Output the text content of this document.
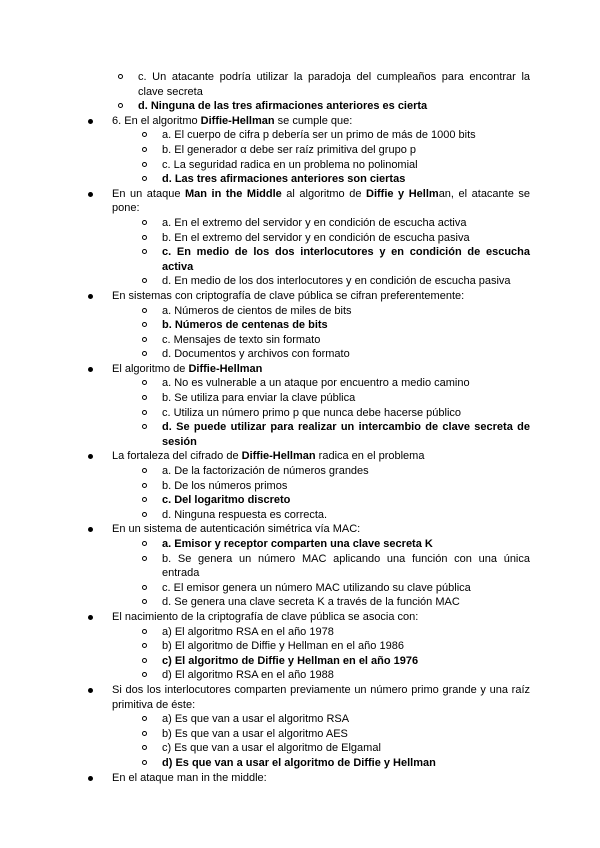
c. Un atacante podría utilizar la paradoja del cumpleaños para encontrar la clave secreta
d. Ninguna de las tres afirmaciones anteriores es cierta
6. En el algoritmo Diffie-Hellman se cumple que:
a. El cuerpo de cifra p debería ser un primo de más de 1000 bits
b. El generador α debe ser raíz primitiva del grupo p
c. La seguridad radica en un problema no polinomial
d. Las tres afirmaciones anteriores son ciertas
En un ataque Man in the Middle al algoritmo de Diffie y Hellman, el atacante se pone:
a. En el extremo del servidor y en condición de escucha activa
b. En el extremo del servidor y en condición de escucha pasiva
c. En medio de los dos interlocutores y en condición de escucha activa
d. En medio de los dos interlocutores y en condición de escucha pasiva
En sistemas con criptografía de clave pública se cifran preferentemente:
a. Números de cientos de miles de bits
b. Números de centenas de bits
c. Mensajes de texto sin formato
d. Documentos y archivos con formato
El algoritmo de Diffie-Hellman
a. No es vulnerable a un ataque por encuentro a medio camino
b. Se utiliza para enviar la clave pública
c. Utiliza un número primo p que nunca debe hacerse público
d. Se puede utilizar para realizar un intercambio de clave secreta de sesión
La fortaleza del cifrado de Diffie-Hellman radica en el problema
a. De la factorización de números grandes
b. De los números primos
c. Del logaritmo discreto
d. Ninguna respuesta es correcta.
En un sistema de autenticación simétrica vía MAC:
a. Emisor y receptor comparten una clave secreta K
b. Se genera un número MAC aplicando una función con una única entrada
c. El emisor genera un número MAC utilizando su clave pública
d. Se genera una clave secreta K a través de la función MAC
El nacimiento de la criptografía de clave pública se asocia con:
a) El algoritmo RSA en el año 1978
b) El algoritmo de Diffie y Hellman en el año 1986
c) El algoritmo de Diffie y Hellman en el año 1976
d) El algoritmo RSA en el año 1988
Si dos los interlocutores comparten previamente un número primo grande y una raíz primitiva de éste:
a) Es que van a usar el algoritmo RSA
b) Es que van a usar el algoritmo AES
c) Es que van a usar el algoritmo de Elgamal
d) Es que van a usar el algoritmo de Diffie y Hellman
En el ataque man in the middle:
